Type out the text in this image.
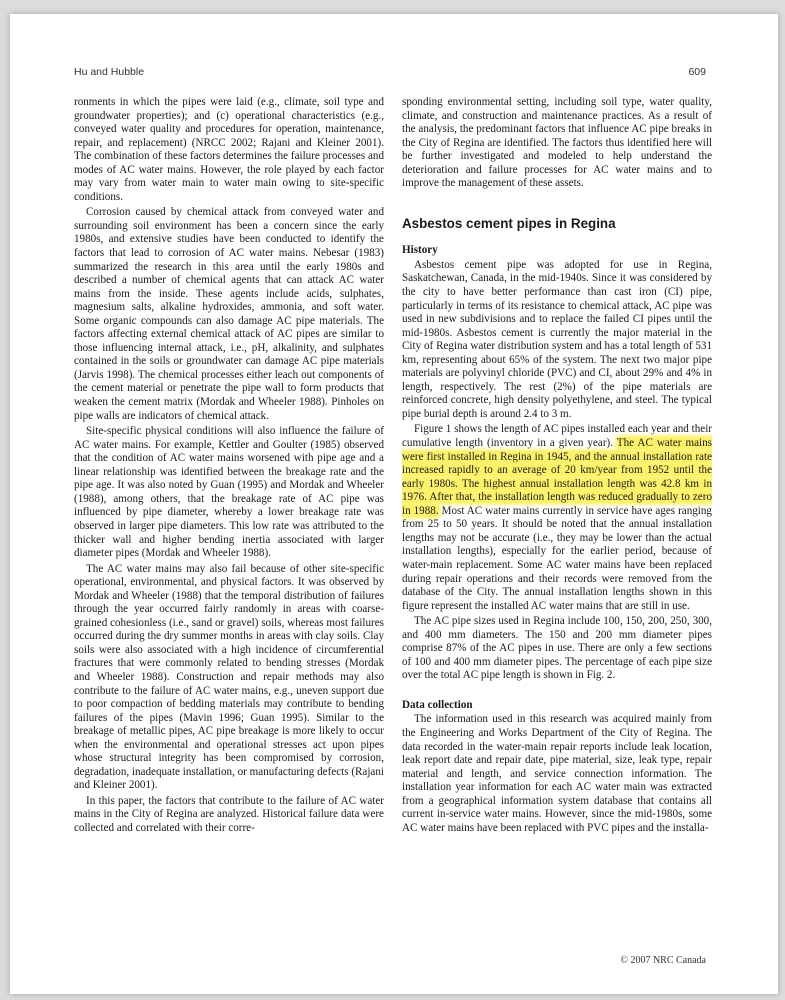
Hu and Hubble	609

ronments in which the pipes were laid (e.g., climate, soil type and groundwater properties); and (c) operational characteristics (e.g., conveyed water quality and procedures for operation, maintenance, repair, and replacement) (NRCC 2002; Rajani and Kleiner 2001). The combination of these factors determines the failure processes and modes of AC water mains. However, the role played by each factor may vary from water main to water main owing to site-specific conditions.

Corrosion caused by chemical attack from conveyed water and surrounding soil environment has been a concern since the early 1980s, and extensive studies have been conducted to identify the factors that lead to corrosion of AC water mains. Nebesar (1983) summarized the research in this area until the early 1980s and described a number of chemical agents that can attack AC water mains from the inside. These agents include acids, sulphates, magnesium salts, alkaline hydroxides, ammonia, and soft water. Some organic compounds can also damage AC pipe materials. The factors affecting external chemical attack of AC pipes are similar to those influencing internal attack, i.e., pH, alkalinity, and sulphates contained in the soils or groundwater can damage AC pipe materials (Jarvis 1998). The chemical processes either leach out components of the cement material or penetrate the pipe wall to form products that weaken the cement matrix (Mordak and Wheeler 1988). Pinholes on pipe walls are indicators of chemical attack.

Site-specific physical conditions will also influence the failure of AC water mains. For example, Kettler and Goulter (1985) observed that the condition of AC water mains worsened with pipe age and a linear relationship was identified between the breakage rate and the pipe age. It was also noted by Guan (1995) and Mordak and Wheeler (1988), among others, that the breakage rate of AC pipe was influenced by pipe diameter, whereby a lower breakage rate was observed in larger pipe diameters. This low rate was attributed to the thicker wall and higher bending inertia associated with larger diameter pipes (Mordak and Wheeler 1988).

The AC water mains may also fail because of other site-specific operational, environmental, and physical factors. It was observed by Mordak and Wheeler (1988) that the temporal distribution of failures through the year occurred fairly randomly in areas with coarse-grained cohesionless (i.e., sand or gravel) soils, whereas most failures occurred during the dry summer months in areas with clay soils. Clay soils were also associated with a high incidence of circumferential fractures that were commonly related to bending stresses (Mordak and Wheeler 1988). Construction and repair methods may also contribute to the failure of AC water mains, e.g., uneven support due to poor compaction of bedding materials may contribute to bending failures of the pipes (Mavin 1996; Guan 1995). Similar to the breakage of metallic pipes, AC pipe breakage is more likely to occur when the environmental and operational stresses act upon pipes whose structural integrity has been compromised by corrosion, degradation, inadequate installation, or manufacturing defects (Rajani and Kleiner 2001).

In this paper, the factors that contribute to the failure of AC water mains in the City of Regina are analyzed. Historical failure data were collected and correlated with their corre-

sponding environmental setting, including soil type, water quality, climate, and construction and maintenance practices. As a result of the analysis, the predominant factors that influence AC pipe breaks in the City of Regina are identified. The factors thus identified here will be further investigated and modeled to help understand the deterioration and failure processes for AC water mains and to improve the management of these assets.

Asbestos cement pipes in Regina
History

Asbestos cement pipe was adopted for use in Regina, Saskatchewan, Canada, in the mid-1940s. Since it was considered by the city to have better performance than cast iron (CI) pipe, particularly in terms of its resistance to chemical attack, AC pipe was used in new subdivisions and to replace the failed CI pipes until the mid-1980s. Asbestos cement is currently the major material in the City of Regina water distribution system and has a total length of 531 km, representing about 65% of the system. The next two major pipe materials are polyvinyl chloride (PVC) and CI, about 29% and 4% in length, respectively. The rest (2%) of the pipe materials are reinforced concrete, high density polyethylene, and steel. The typical pipe burial depth is around 2.4 to 3 m.

Figure 1 shows the length of AC pipes installed each year and their cumulative length (inventory in a given year). The AC water mains were first installed in Regina in 1945, and the annual installation rate increased rapidly to an average of 20 km/year from 1952 until the early 1980s. The highest annual installation length was 42.8 km in 1976. After that, the installation length was reduced gradually to zero in 1988. Most AC water mains currently in service have ages ranging from 25 to 50 years. It should be noted that the annual installation lengths may not be accurate (i.e., they may be lower than the actual installation lengths), especially for the earlier period, because of water-main replacement. Some AC water mains have been replaced during repair operations and their records were removed from the database of the City. The annual installation lengths shown in this figure represent the installed AC water mains that are still in use.

The AC pipe sizes used in Regina include 100, 150, 200, 250, 300, and 400 mm diameters. The 150 and 200 mm diameter pipes comprise 87% of the AC pipes in use. There are only a few sections of 100 and 400 mm diameter pipes. The percentage of each pipe size over the total AC pipe length is shown in Fig. 2.

Data collection

The information used in this research was acquired mainly from the Engineering and Works Department of the City of Regina. The data recorded in the water-main repair reports include leak location, leak report date and repair date, pipe material, size, leak type, repair material and length, and service connection information. The installation year information for each AC water main was extracted from a geographical information system database that contains all current in-service water mains. However, since the mid-1980s, some AC water mains have been replaced with PVC pipes and the installa-

© 2007 NRC Canada
